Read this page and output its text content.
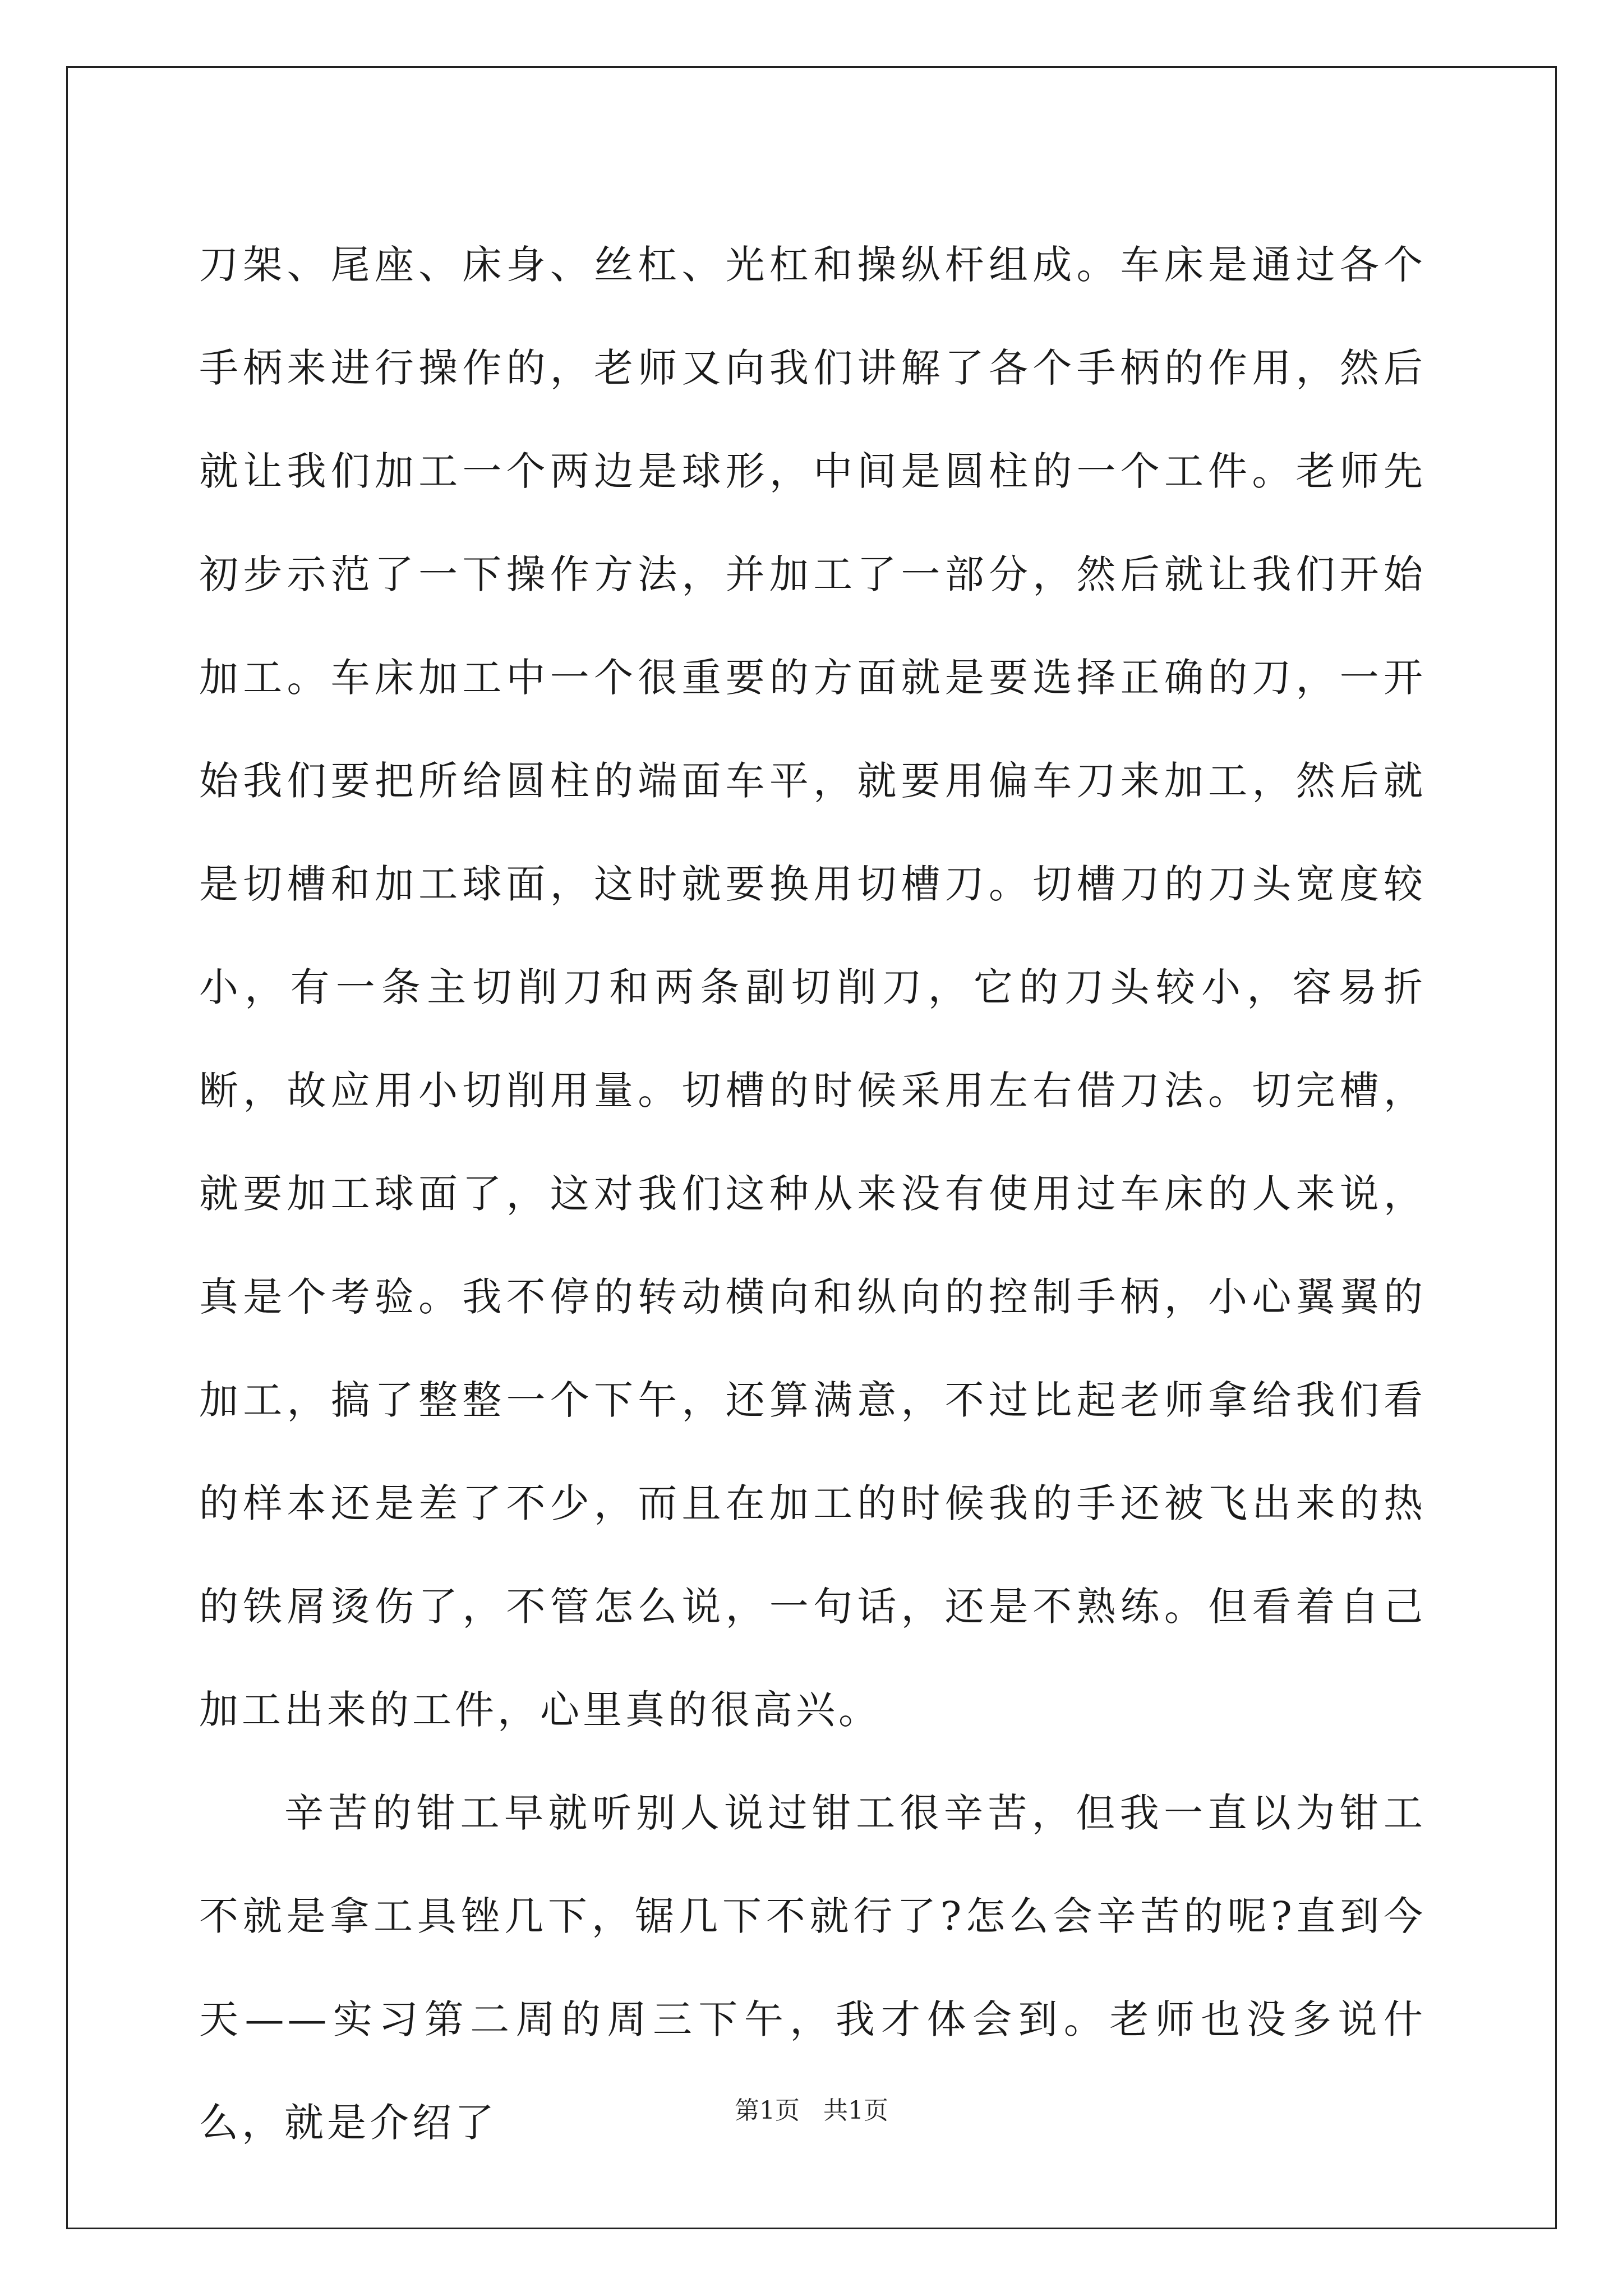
刀架、尾座、床身、丝杠、光杠和操纵杆组成。车床是通过各个手柄来进行操作的，老师又向我们讲解了各个手柄的作用，然后就让我们加工一个两边是球形，中间是圆柱的一个工件。老师先初步示范了一下操作方法，并加工了一部分，然后就让我们开始加工。车床加工中一个很重要的方面就是要选择正确的刀，一开始我们要把所给圆柱的端面车平，就要用偏车刀来加工，然后就是切槽和加工球面，这时就要换用切槽刀。切槽刀的刀头宽度较小，有一条主切削刀和两条副切削刀，它的刀头较小，容易折断，故应用小切削用量。切槽的时候采用左右借刀法。切完槽，就要加工球面了，这对我们这种从来没有使用过车床的人来说，真是个考验。我不停的转动横向和纵向的控制手柄，小心翼翼的加工，搞了整整一个下午，还算满意，不过比起老师拿给我们看的样本还是差了不少，而且在加工的时候我的手还被飞出来的热的铁屑烫伤了，不管怎么说，一句话，还是不熟练。但看着自己加工出来的工件，心里真的很高兴。

辛苦的钳工早就听别人说过钳工很辛苦，但我一直以为钳工不就是拿工具锉几下，锯几下不就行了?怎么会辛苦的呢?直到今天——实习第二周的周三下午，我才体会到。老师也没多说什么，就是介绍了	第1页   共1页
